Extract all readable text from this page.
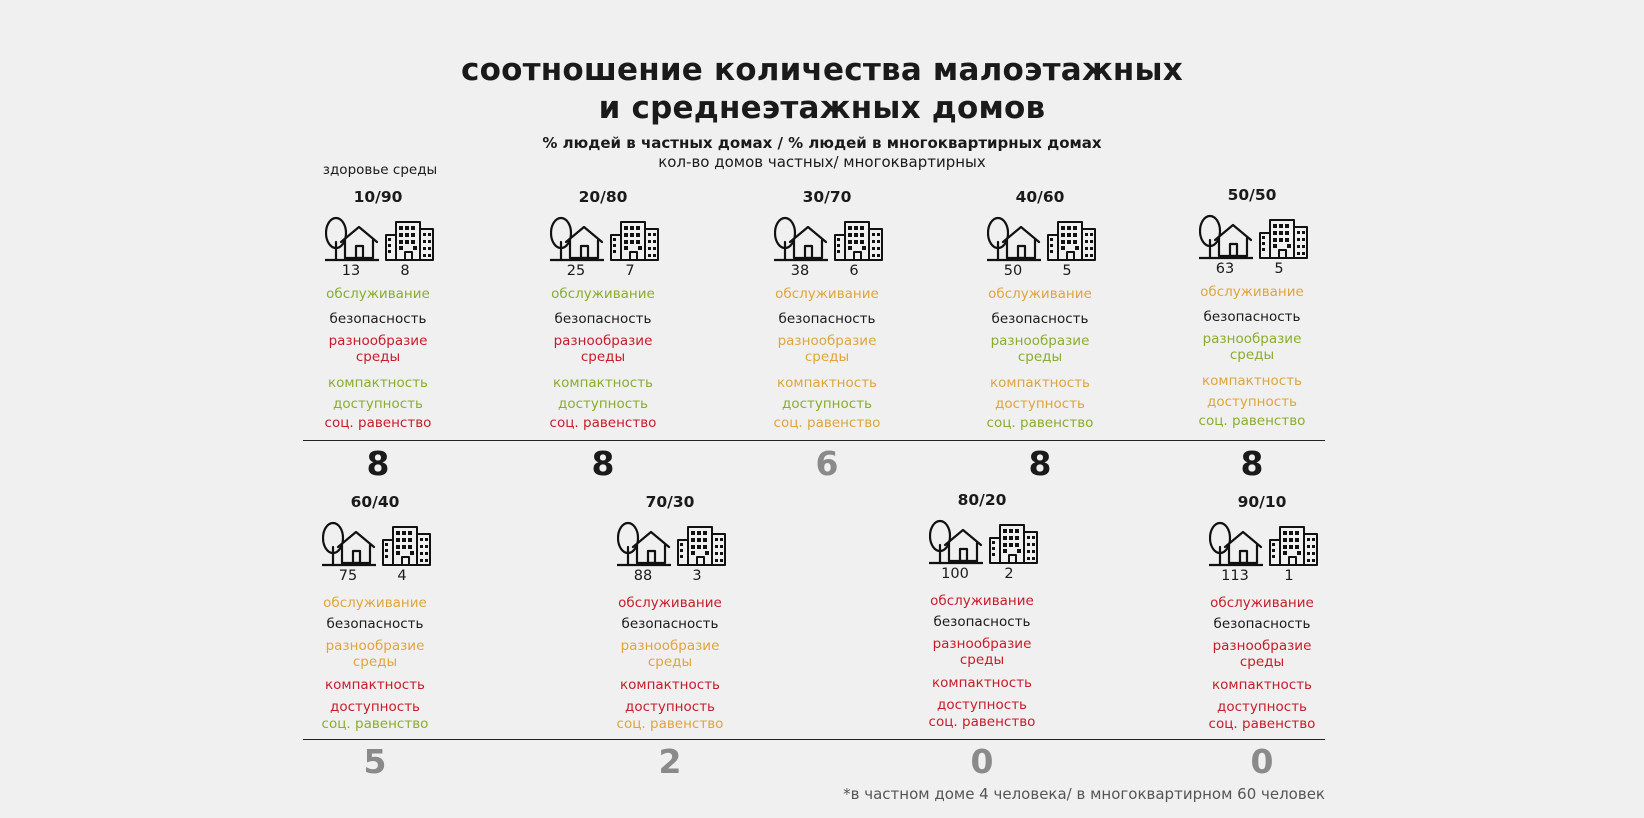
соотношение количества малоэтажных
и среднеэтажных домов
% людей в частных домах / % людей в многоквартирных домах
кол-во домов частных/ многоквартирных
здоровье среды
10/90
13	8
обслуживание
безопасность
разнообразие
среды
компактность
доступность
соц. равенство
20/80
25	7
обслуживание
безопасность
разнообразие
среды
компактность
доступность
соц. равенство
30/70
38	6
обслуживание
безопасность
разнообразие
среды
компактность
доступность
соц. равенство
40/60
50	5
обслуживание
безопасность
разнообразие
среды
компактность
доступность
соц. равенство
50/50
63	5
обслуживание
безопасность
разнообразие
среды
компактность
доступность
соц. равенство
60/40
75	4
обслуживание
безопасность
разнообразие
среды
компактность
доступность
соц. равенство
70/30
88	3
обслуживание
безопасность
разнообразие
среды
компактность
доступность
соц. равенство
80/20
100	2
обслуживание
безопасность
разнообразие
среды
компактность
доступность
соц. равенство
90/10
113	1
обслуживание
безопасность
разнообразие
среды
компактность
доступность
соц. равенство
*в частном доме 4 человека/ в многоквартирном 60 человек
8	8	6	8	8
5	2	0	0
